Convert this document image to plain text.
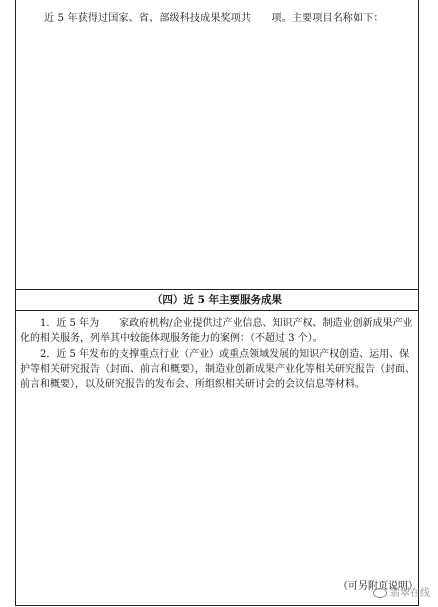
近 5 年获得过国家、省、部级科技成果奖项共　　项。主要项目名称如下：
（四）近 5 年主要服务成果

1．近 5 年为　　家政府机构/企业提供过产业信息、知识产权、制造业创新成果产业化的相关服务，列举其中较能体现服务能力的案例：（不超过 3 个）。

2．近 5 年发布的支撑重点行业（产业）或重点领域发展的知识产权创造、运用、保护等相关研究报告（封面、前言和概要），制造业创新成果产业化等相关研究报告（封面、前言和概要），以及研究报告的发布会、所组织相关研讨会的会议信息等材料。

（可另附页说明）
翡翠在线
